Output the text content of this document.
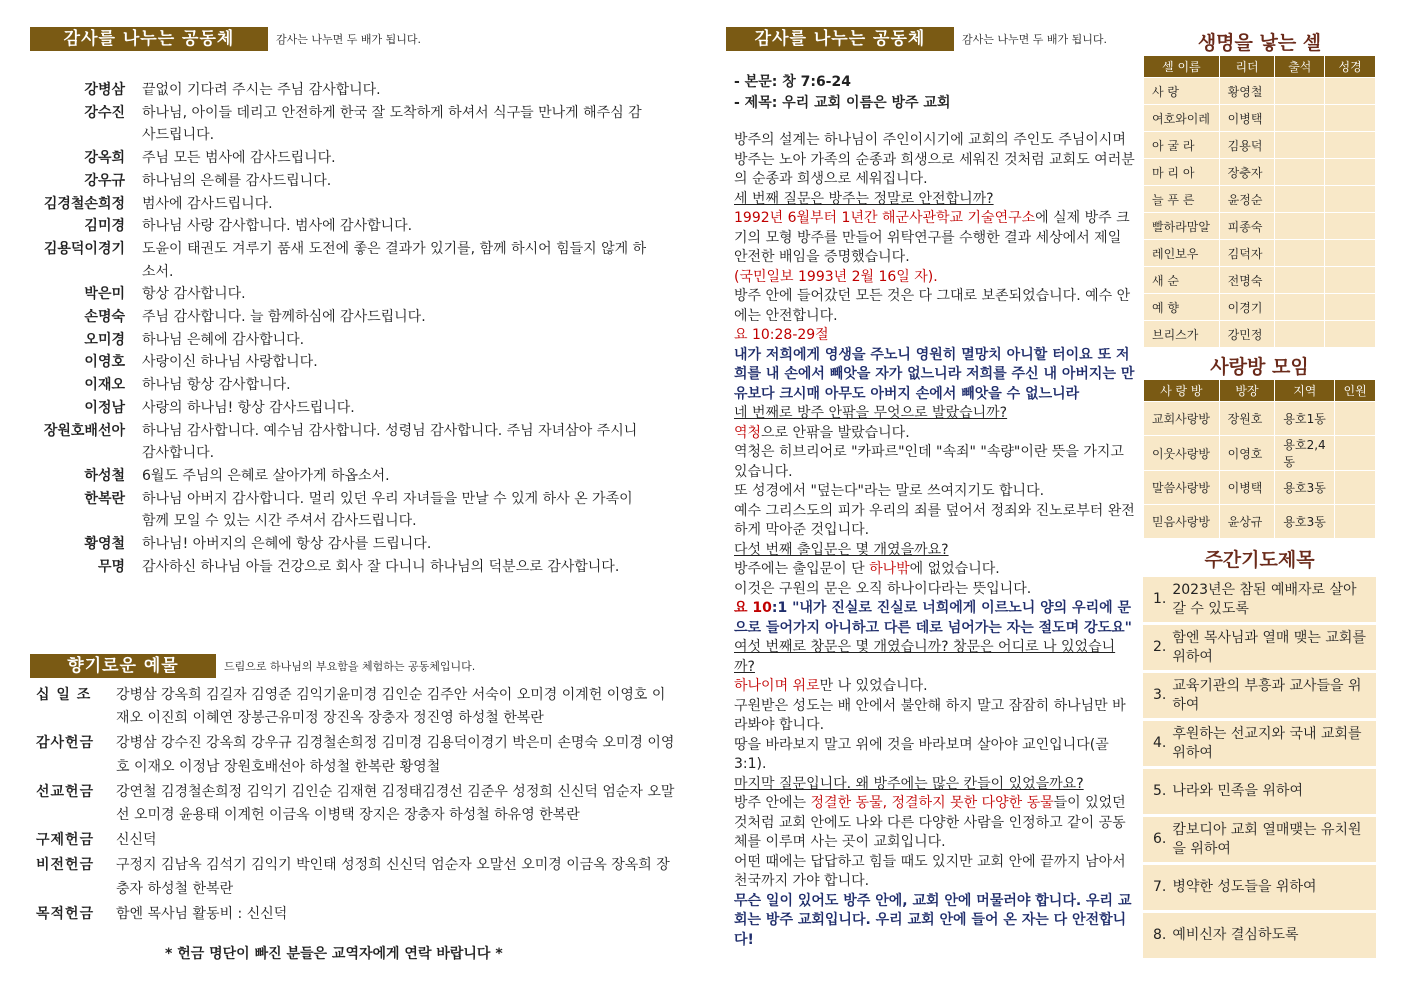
감사를 나누는 공동체	감사는 나누면 두 배가 됩니다.
강병삼 끝없이 기다려 주시는 주님 감사합니다.
강수진 하나님, 아이들 데리고 안전하게 한국 잘 도착하게 하셔서 식구들 만나게 해주심 감사드립니다.
강옥희 주님 모든 범사에 감사드립니다.
강우규 하나님의 은혜를 감사드립니다.
김경철손희정 범사에 감사드립니다.
김미경 하나님 사랑 감사합니다. 범사에 감사합니다.
김용덕이경기 도윤이 태권도 겨루기 품새 도전에 좋은 결과가 있기를, 함께 하시어 힘들지 않게 하소서.
박은미 항상 감사합니다.
손명숙 주님 감사합니다. 늘 함께하심에 감사드립니다.
오미경 하나님 은혜에 감사합니다.
이영호 사랑이신 하나님 사랑합니다.
이재오 하나님 항상 감사합니다.
이정남 사랑의 하나님! 항상 감사드립니다.
장원호배선아 하나님 감사합니다. 예수님 감사합니다. 성령님 감사합니다. 주님 자녀삼아 주시니 감사합니다.
하성철 6월도 주님의 은혜로 살아가게 하옵소서.
한복란 하나님 아버지 감사합니다. 멀리 있던 우리 자녀들을 만날 수 있게 하사 온 가족이 함께 모일 수 있는 시간 주셔서 감사드립니다.
황영철 하나님! 아버지의 은혜에 항상 감사를 드립니다.
무명 감사하신 하나님 아들 건강으로 회사 잘 다니니 하나님의 덕분으로 감사합니다.
향기로운 예물	드림으로 하나님의 부요함을 체험하는 공동체입니다.
십 일 조	강병삼 강옥희 김길자 김영준 김익기윤미경 김인순 김주안 서숙이 오미경 이계헌 이영호 이재오 이진희 이혜연 장봉근유미정 장진옥 장충자 정진영 하성철 한복란
감사헌금	강병삼 강수진 강옥희 강우규 김경철손희정 김미경 김용덕이경기 박은미 손명숙 오미경 이영호 이재오 이정남 장원호배선아 하성철 한복란 황영철
선교헌금	강연철 김경철손희정 김익기 김인순 김재현 김정태김경선 김준우 성정희 신신덕 엄순자 오말선 오미경 윤용태 이계헌 이금옥 이병택 장지은 장충자 하성철 하유영 한복란
구제헌금	신신덕
비전헌금	구정지 김남옥 김석기 김익기 박인태 성정희 신신덕 엄순자 오말선 오미경 이금옥 장옥희 장충자 하성철 한복란
목적헌금	함엔 목사님 활동비 : 신신덕
* 헌금 명단이 빠진 분들은 교역자에게 연락 바랍니다 *
감사를 나누는 공동체	감사는 나누면 두 배가 됩니다.
- 본문: 창 7:6-24
- 제목: 우리 교회 이름은 방주 교회

방주의 설계는 하나님이 주인이시기에 교회의 주인도 주님이시며 방주는 노아 가족의 순종과 희생으로 세워진 것처럼 교회도 여러분의 순종과 희생으로 세워집니다.

세 번째 질문은 방주는 정말로 안전합니까?

1992년 6월부터 1년간 해군사관학교 기술연구소에 실제 방주 크기의 모형 방주를 만들어 위탁연구를 수행한 결과 세상에서 제일 안전한 배임을 증명했습니다.

(국민일보 1993년 2월 16일 자).

방주 안에 들어갔던 모든 것은 다 그대로 보존되었습니다. 예수 안에는 안전합니다.

요 10:28-29절

내가 저희에게 영생을 주노니 영원히 멸망치 아니할 터이요 또 저희를 내 손에서 빼앗을 자가 없느니라 저희를 주신 내 아버지는 만유보다 크시매 아무도 아버지 손에서 빼앗을 수 없느니라

네 번째로 방주 안팎을 무엇으로 발랐습니까?

역청으로 안팎을 발랐습니다.

역청은 히브리어로 "카파르"인데 "속죄" "속량"이란 뜻을 가지고 있습니다.

또 성경에서 "덮는다"라는 말로 쓰여지기도 합니다.

예수 그리스도의 피가 우리의 죄를 덮어서 정죄와 진노로부터 완전하게 막아준 것입니다.

다섯 번째 출입문은 몇 개였을까요?

방주에는 출입문이 단 하나밖에 없었습니다.

이것은 구원의 문은 오직 하나이다라는 뜻입니다.

요 10:1 "내가 진실로 진실로 너희에게 이르노니 양의 우리에 문으로 들어가지 아니하고 다른 데로 넘어가는 자는 절도며 강도요"

여섯 번째로 창문은 몇 개였습니까? 창문은 어디로 나 있었습니까?

하나이며 위로만 나 있었습니다.

구원받은 성도는 배 안에서 불안해 하지 말고 잠잠히 하나님만 바라봐야 합니다.

땅을 바라보지 말고 위에 것을 바라보며 살아야 교인입니다(골 3:1).

마지막 질문입니다. 왜 방주에는 많은 칸들이 있었을까요?

방주 안에는 정결한 동물, 정결하지 못한 다양한 동물들이 있었던 것처럼 교회 안에도 나와 다른 다양한 사람을 인정하고 같이 공동체를 이루며 사는 곳이 교회입니다.

어떤 때에는 답답하고 힘들 때도 있지만 교회 안에 끝까지 남아서 천국까지 가야 합니다.

무슨 일이 있어도 방주 안에, 교회 안에 머물러야 합니다. 우리 교회는 방주 교회입니다. 우리 교회 안에 들어 온 자는 다 안전합니다!

생명을 낳는 셀
셀 이름	리더	출석	성경
사 랑	황영철		
여호와이레	이병택		
아 굴 라	김용덕		
마 리 아	장충자		
늘 푸 른	윤정순		
빨하라맘알	피종숙		
레인보우	김덕자		
새 순	전명숙		
예 향	이경기		
브리스가	강민정		
사랑방 모임
사 랑 방	방장	지역	인원
교회사랑방	장원호	용호1동	
이웃사랑방	이영호	용호2,4동	
말씀사랑방	이병택	용호3동	
믿음사랑방	윤상규	용호3동	
주간기도제목
1.
2023년은 참된 예배자로 살아갈 수 있도록
2.
함엔 목사님과 열매 맺는 교회를 위하여
3.
교육기관의 부흥과 교사들을 위하여
4.
후원하는 선교지와 국내 교회를 위하여
5. 나라와 민족을 위하여
6.
캄보디아 교회 열매맺는 유치원을 위하여
7. 병약한 성도들을 위하여
8. 예비신자 결심하도록
